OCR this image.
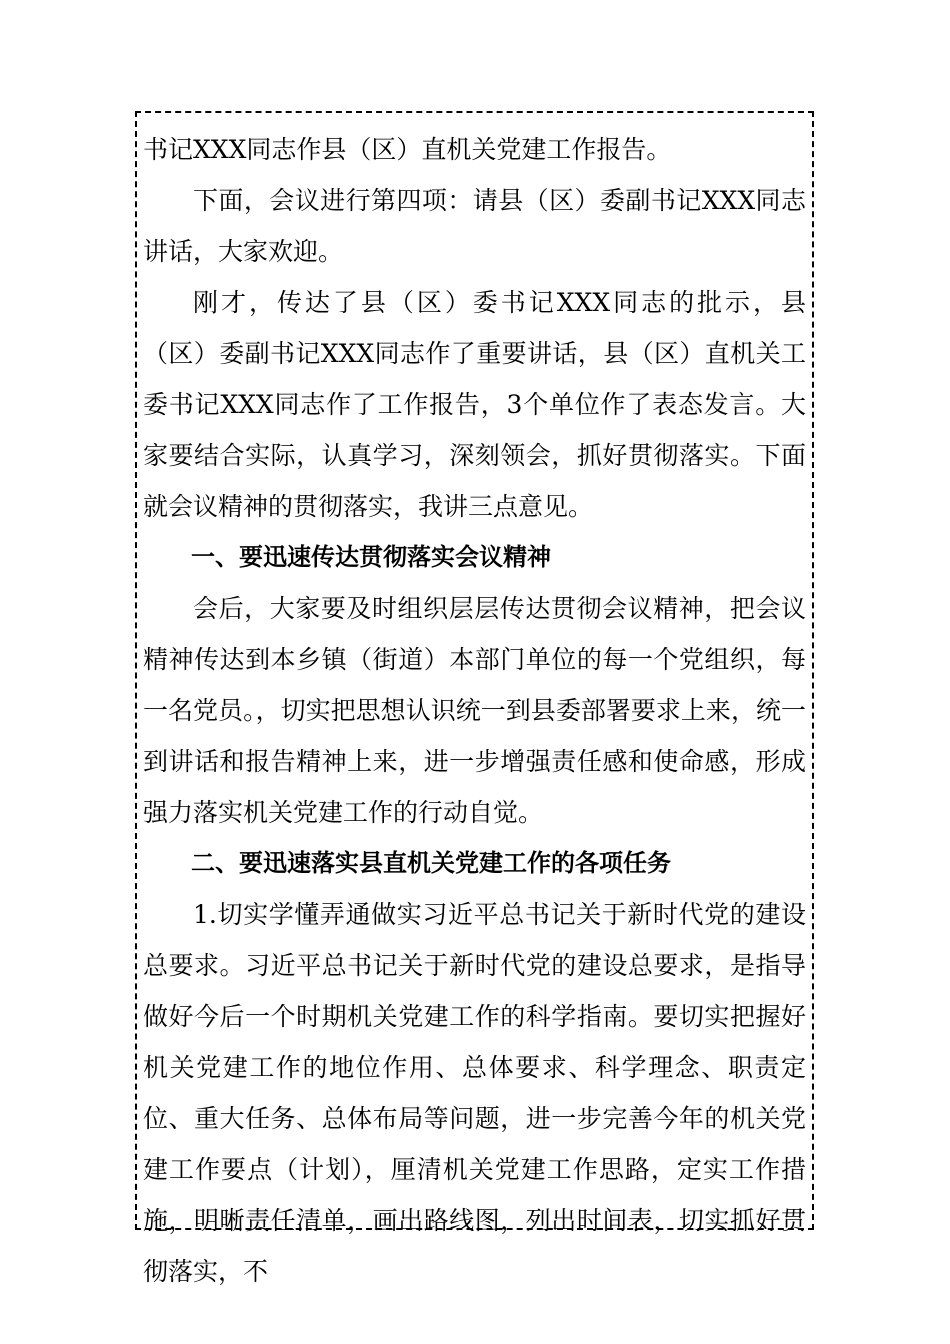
书记XXX同志作县（区）直机关党建工作报告。

下面，会议进行第四项：请县（区）委副书记XXX同志讲话，大家欢迎。

刚才，传达了县（区）委书记XXX同志的批示，县（区）委副书记XXX同志作了重要讲话，县（区）直机关工委书记XXX同志作了工作报告，3个单位作了表态发言。大家要结合实际，认真学习，深刻领会，抓好贯彻落实。下面就会议精神的贯彻落实，我讲三点意见。

一、要迅速传达贯彻落实会议精神

会后，大家要及时组织层层传达贯彻会议精神，把会议精神传达到本乡镇（街道）本部门单位的每一个党组织，每一名党员。，切实把思想认识统一到县委部署要求上来，统一到讲话和报告精神上来，进一步增强责任感和使命感，形成强力落实机关党建工作的行动自觉。

二、要迅速落实县直机关党建工作的各项任务

1.切实学懂弄通做实习近平总书记关于新时代党的建设总要求。习近平总书记关于新时代党的建设总要求，是指导做好今后一个时期机关党建工作的科学指南。要切实把握好机关党建工作的地位作用、总体要求、科学理念、职责定位、重大任务、总体布局等问题，进一步完善今年的机关党建工作要点（计划），厘清机关党建工作思路，定实工作措施，明晰责任清单，画出路线图，列出时间表，切实抓好贯彻落实，不
